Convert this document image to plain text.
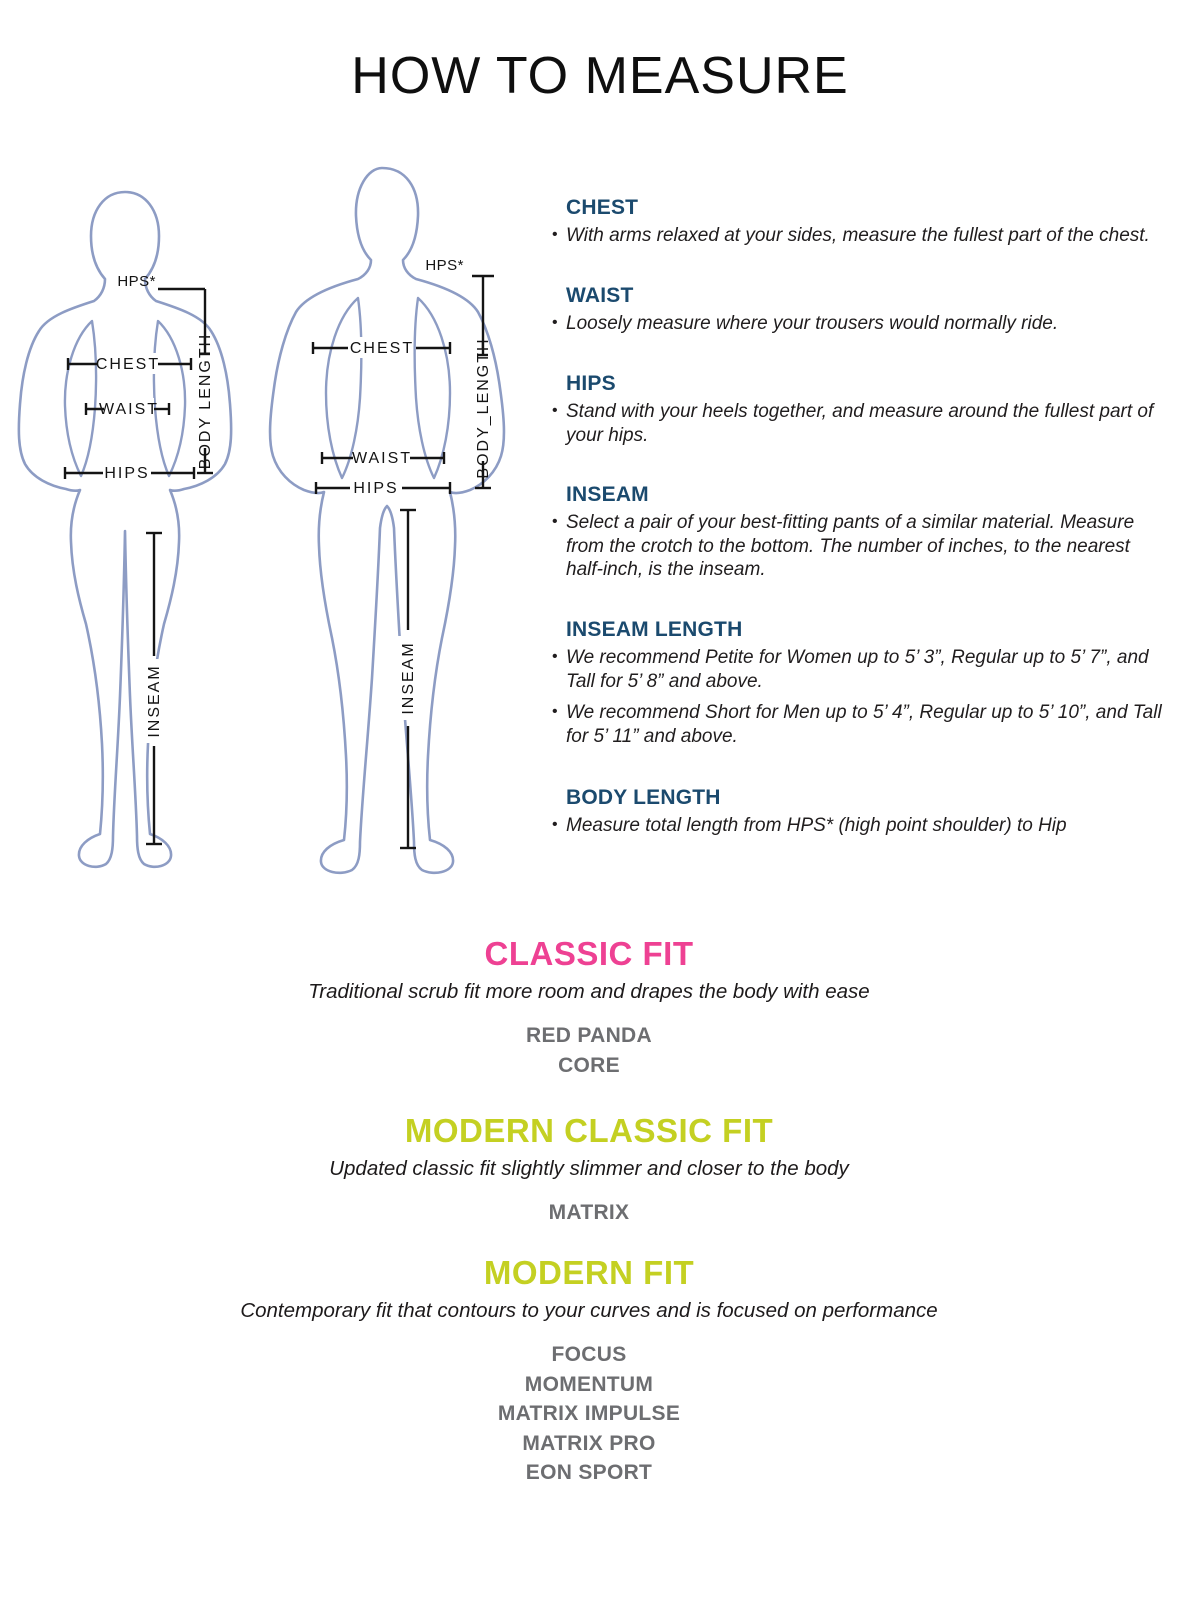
HOW TO MEASURE
HPS*
BODY LENGTH
CHEST
WAIST
HIPS
INSEAM
HPS*
BODY_LENGTH
CHEST
WAIST
HIPS
INSEAM
CHEST
• With arms relaxed at your sides, measure the fullest part of the chest.
WAIST
• Loosely measure where your trousers would normally ride.
HIPS
• Stand with your heels together, and measure around the fullest part of your hips.
INSEAM
• Select a pair of your best-fitting pants of a similar material. Measure from the crotch to the bottom. The number of inches, to the nearest half-inch, is the inseam.
INSEAM LENGTH
• We recommend Petite for Women up to 5’ 3”, Regular up to 5’ 7”, and Tall for 5’ 8” and above.
• We recommend Short for Men up to 5’ 4”, Regular up to 5’ 10”, and Tall for 5’ 11” and above.
BODY LENGTH
• Measure total length from HPS* (high point shoulder) to Hip
CLASSIC FIT
Traditional scrub fit more room and drapes the body with ease
RED PANDA
CORE
MODERN CLASSIC FIT
Updated classic fit slightly slimmer and closer to the body
MATRIX
MODERN FIT
Contemporary fit that contours to your curves and is focused on performance
FOCUS
MOMENTUM
MATRIX IMPULSE
MATRIX PRO
EON SPORT
